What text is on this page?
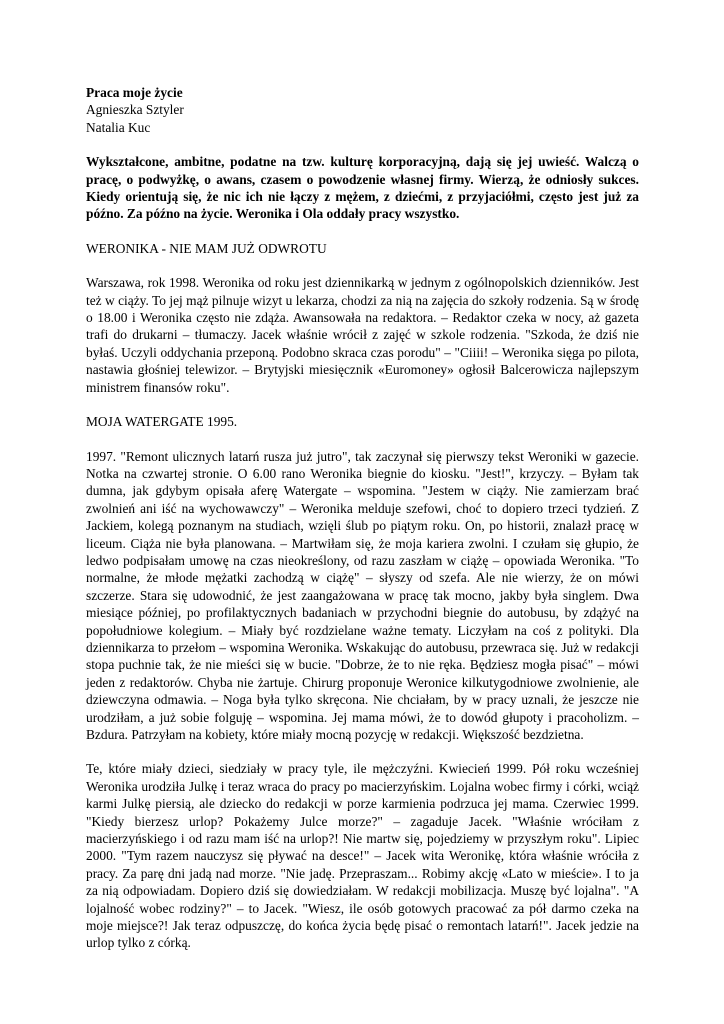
Praca moje życie
Agnieszka Sztyler
Natalia Kuc

Wykształcone, ambitne, podatne na tzw. kulturę korporacyjną, dają się jej uwieść. Walczą o pracę, o podwyżkę, o awans, czasem o powodzenie własnej firmy. Wierzą, że odniosły sukces. Kiedy orientują się, że nic ich nie łączy z mężem, z dziećmi, z przyjaciółmi, często jest już za późno. Za późno na życie. Weronika i Ola oddały pracy wszystko.

WERONIKA - NIE MAM JUŻ ODWROTU

Warszawa, rok 1998. Weronika od roku jest dziennikarką w jednym z ogólnopolskich dzienników. Jest też w ciąży. To jej mąż pilnuje wizyt u lekarza, chodzi za nią na zajęcia do szkoły rodzenia. Są w środę o 18.00 i Weronika często nie zdąża. Awansowała na redaktora. – Redaktor czeka w nocy, aż gazeta trafi do drukarni – tłumaczy. Jacek właśnie wrócił z zajęć w szkole rodzenia. "Szkoda, że dziś nie byłaś. Uczyli oddychania przeponą. Podobno skraca czas porodu" – "Ciiii! – Weronika sięga po pilota, nastawia głośniej telewizor. – Brytyjski miesięcznik «Euromoney» ogłosił Balcerowicza najlepszym ministrem finansów roku".

MOJA WATERGATE 1995.

1997. "Remont ulicznych latarń rusza już jutro", tak zaczynał się pierwszy tekst Weroniki w gazecie. Notka na czwartej stronie. O 6.00 rano Weronika biegnie do kiosku. "Jest!", krzyczy. – Byłam tak dumna, jak gdybym opisała aferę Watergate – wspomina. "Jestem w ciąży. Nie zamierzam brać zwolnień ani iść na wychowawczy" – Weronika melduje szefowi, choć to dopiero trzeci tydzień. Z Jackiem, kolegą poznanym na studiach, wzięli ślub po piątym roku. On, po historii, znalazł pracę w liceum. Ciąża nie była planowana. – Martwiłam się, że moja kariera zwolni. I czułam się głupio, że ledwo podpisałam umowę na czas nieokreślony, od razu zaszłam w ciążę – opowiada Weronika. "To normalne, że młode mężatki zachodzą w ciążę" – słyszy od szefa. Ale nie wierzy, że on mówi szczerze. Stara się udowodnić, że jest zaangażowana w pracę tak mocno, jakby była singlem. Dwa miesiące później, po profilaktycznych badaniach w przychodni biegnie do autobusu, by zdążyć na popołudniowe kolegium. – Miały być rozdzielane ważne tematy. Liczyłam na coś z polityki. Dla dziennikarza to przełom – wspomina Weronika. Wskakując do autobusu, przewraca się. Już w redakcji stopa puchnie tak, że nie mieści się w bucie. "Dobrze, że to nie ręka. Będziesz mogła pisać" – mówi jeden z redaktorów. Chyba nie żartuje. Chirurg proponuje Weronice kilkutygodniowe zwolnienie, ale dziewczyna odmawia. – Noga była tylko skręcona. Nie chciałam, by w pracy uznali, że jeszcze nie urodziłam, a już sobie folguję – wspomina. Jej mama mówi, że to dowód głupoty i pracoholizm. – Bzdura. Patrzyłam na kobiety, które miały mocną pozycję w redakcji. Większość bezdzietna.

Te, które miały dzieci, siedziały w pracy tyle, ile mężczyźni. Kwiecień 1999. Pół roku wcześniej Weronika urodziła Julkę i teraz wraca do pracy po macierzyńskim. Lojalna wobec firmy i córki, wciąż karmi Julkę piersią, ale dziecko do redakcji w porze karmienia podrzuca jej mama. Czerwiec 1999. "Kiedy bierzesz urlop? Pokażemy Julce morze?" – zagaduje Jacek. "Właśnie wróciłam z macierzyńskiego i od razu mam iść na urlop?! Nie martw się, pojedziemy w przyszłym roku". Lipiec 2000. "Tym razem nauczysz się pływać na desce!" – Jacek wita Weronikę, która właśnie wróciła z pracy. Za parę dni jadą nad morze. "Nie jadę. Przepraszam... Robimy akcję «Lato w mieście». I to ja za nią odpowiadam. Dopiero dziś się dowiedziałam. W redakcji mobilizacja. Muszę być lojalna". "A lojalność wobec rodziny?" – to Jacek. "Wiesz, ile osób gotowych pracować za pół darmo czeka na moje miejsce?! Jak teraz odpuszczę, do końca życia będę pisać o remontach latarń!". Jacek jedzie na urlop tylko z córką.
